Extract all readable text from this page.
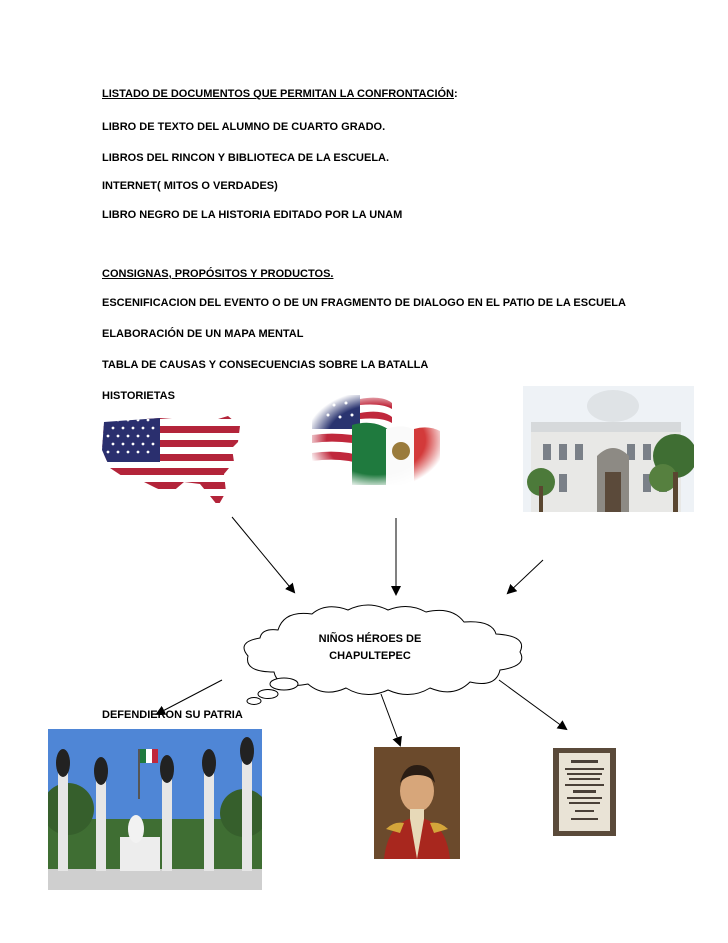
LISTADO DE DOCUMENTOS QUE PERMITAN LA CONFRONTACIÓN:
LIBRO DE TEXTO DEL ALUMNO DE CUARTO GRADO.
LIBROS DEL RINCON Y BIBLIOTECA DE LA ESCUELA.
INTERNET( MITOS O VERDADES)
LIBRO NEGRO DE LA HISTORIA EDITADO POR LA UNAM
CONSIGNAS, PROPÓSITOS Y PRODUCTOS.
ESCENIFICACION DEL EVENTO O DE UN FRAGMENTO DE DIALOGO EN EL PATIO DE LA ESCUELA
ELABORACIÓN DE UN MAPA MENTAL
TABLA DE CAUSAS Y CONSECUENCIAS SOBRE LA BATALLA
HISTORIETAS
NIÑOS HÉROES DE
CHAPULTEPEC
DEFENDIERON SU PATRIA
